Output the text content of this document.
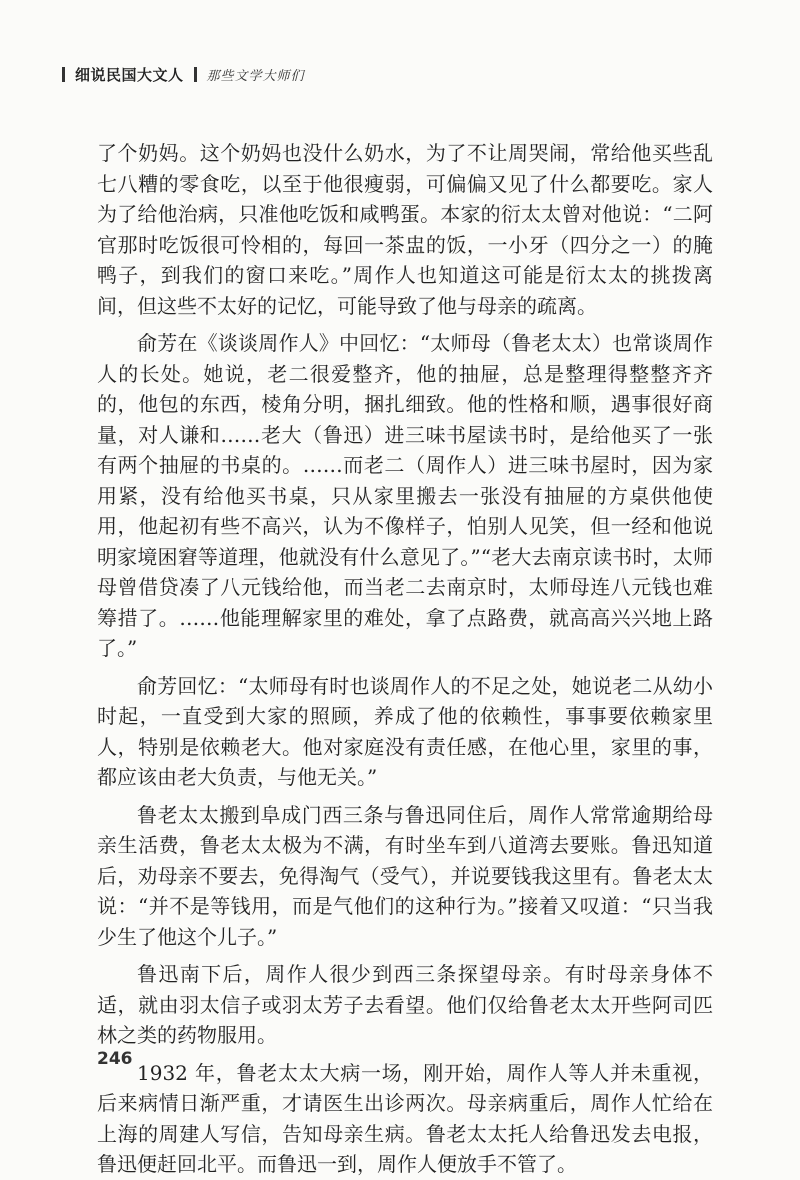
细说民国大文人 那些文学大师们

了个奶妈。这个奶妈也没什么奶水，为了不让周哭闹，常给他买些乱七八糟的零食吃，以至于他很瘦弱，可偏偏又见了什么都要吃。家人为了给他治病，只准他吃饭和咸鸭蛋。本家的衍太太曾对他说：“二阿官那时吃饭很可怜相的，每回一茶盅的饭，一小牙（四分之一）的腌鸭子，到我们的窗口来吃。”周作人也知道这可能是衍太太的挑拨离间，但这些不太好的记忆，可能导致了他与母亲的疏离。

俞芳在《谈谈周作人》中回忆：“太师母（鲁老太太）也常谈周作人的长处。她说，老二很爱整齐，他的抽屉，总是整理得整整齐齐的，他包的东西，棱角分明，捆扎细致。他的性格和顺，遇事很好商量，对人谦和……老大（鲁迅）进三味书屋读书时，是给他买了一张有两个抽屉的书桌的。……而老二（周作人）进三味书屋时，因为家用紧，没有给他买书桌，只从家里搬去一张没有抽屉的方桌供他使用，他起初有些不高兴，认为不像样子，怕别人见笑，但一经和他说明家境困窘等道理，他就没有什么意见了。”“老大去南京读书时，太师母曾借贷凑了八元钱给他，而当老二去南京时，太师母连八元钱也难筹措了。……他能理解家里的难处，拿了点路费，就高高兴兴地上路了。”

俞芳回忆：“太师母有时也谈周作人的不足之处，她说老二从幼小时起，一直受到大家的照顾，养成了他的依赖性，事事要依赖家里人，特别是依赖老大。他对家庭没有责任感，在他心里，家里的事，都应该由老大负责，与他无关。”

鲁老太太搬到阜成门西三条与鲁迅同住后，周作人常常逾期给母亲生活费，鲁老太太极为不满，有时坐车到八道湾去要账。鲁迅知道后，劝母亲不要去，免得淘气（受气），并说要钱我这里有。鲁老太太说：“并不是等钱用，而是气他们的这种行为。”接着又叹道：“只当我少生了他这个儿子。”

鲁迅南下后，周作人很少到西三条探望母亲。有时母亲身体不适，就由羽太信子或羽太芳子去看望。他们仅给鲁老太太开些阿司匹林之类的药物服用。

1932 年，鲁老太太大病一场，刚开始，周作人等人并未重视，后来病情日渐严重，才请医生出诊两次。母亲病重后，周作人忙给在上海的周建人写信，告知母亲生病。鲁老太太托人给鲁迅发去电报，鲁迅便赶回北平。而鲁迅一到，周作人便放手不管了。

246
